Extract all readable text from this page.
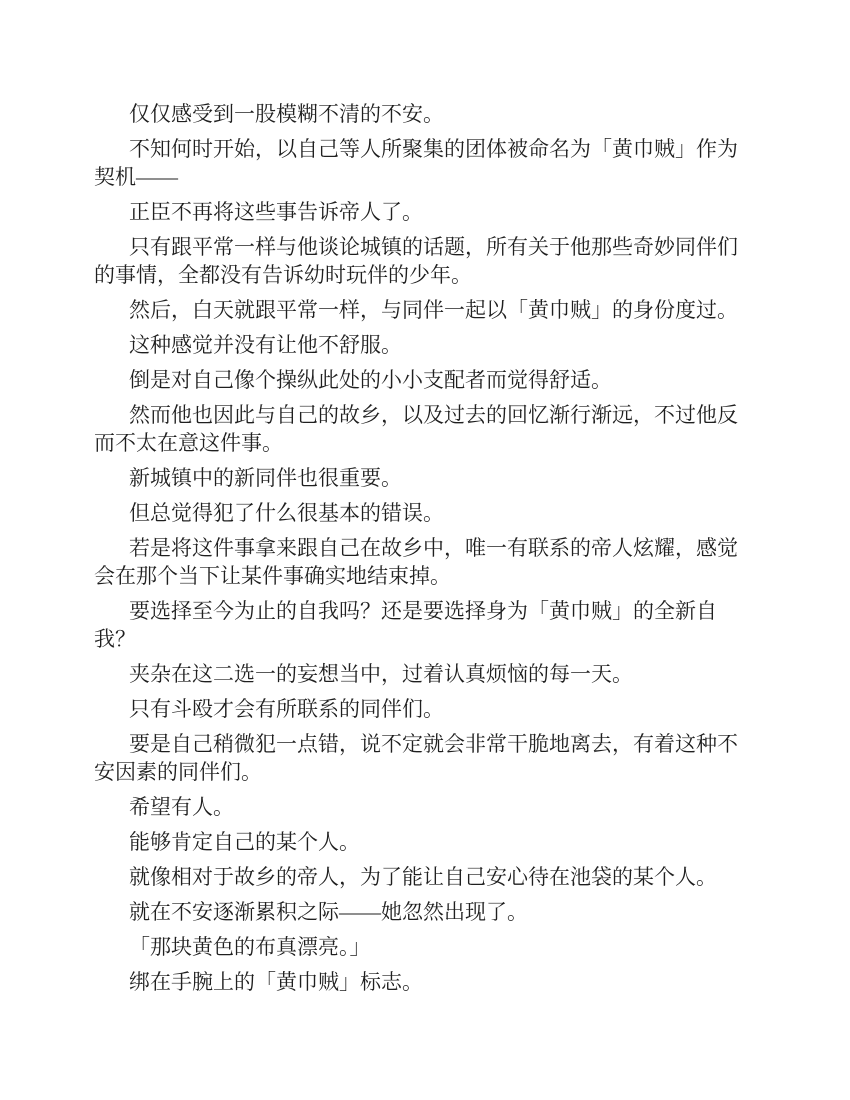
仅仅感受到一股模糊不清的不安。

不知何时开始，以自己等人所聚集的团体被命名为「黄巾贼」作为契机——

正臣不再将这些事告诉帝人了。

只有跟平常一样与他谈论城镇的话题，所有关于他那些奇妙同伴们的事情，全都没有告诉幼时玩伴的少年。

然后，白天就跟平常一样，与同伴一起以「黄巾贼」的身份度过。

这种感觉并没有让他不舒服。

倒是对自己像个操纵此处的小小支配者而觉得舒适。

然而他也因此与自己的故乡，以及过去的回忆渐行渐远，不过他反而不太在意这件事。

新城镇中的新同伴也很重要。

但总觉得犯了什么很基本的错误。

若是将这件事拿来跟自己在故乡中，唯一有联系的帝人炫耀，感觉会在那个当下让某件事确实地结束掉。

要选择至今为止的自我吗？还是要选择身为「黄巾贼」的全新自我？

夹杂在这二选一的妄想当中，过着认真烦恼的每一天。

只有斗殴才会有所联系的同伴们。

要是自己稍微犯一点错，说不定就会非常干脆地离去，有着这种不安因素的同伴们。

希望有人。

能够肯定自己的某个人。

就像相对于故乡的帝人，为了能让自己安心待在池袋的某个人。

就在不安逐渐累积之际——她忽然出现了。

「那块黄色的布真漂亮。」

绑在手腕上的「黄巾贼」标志。
